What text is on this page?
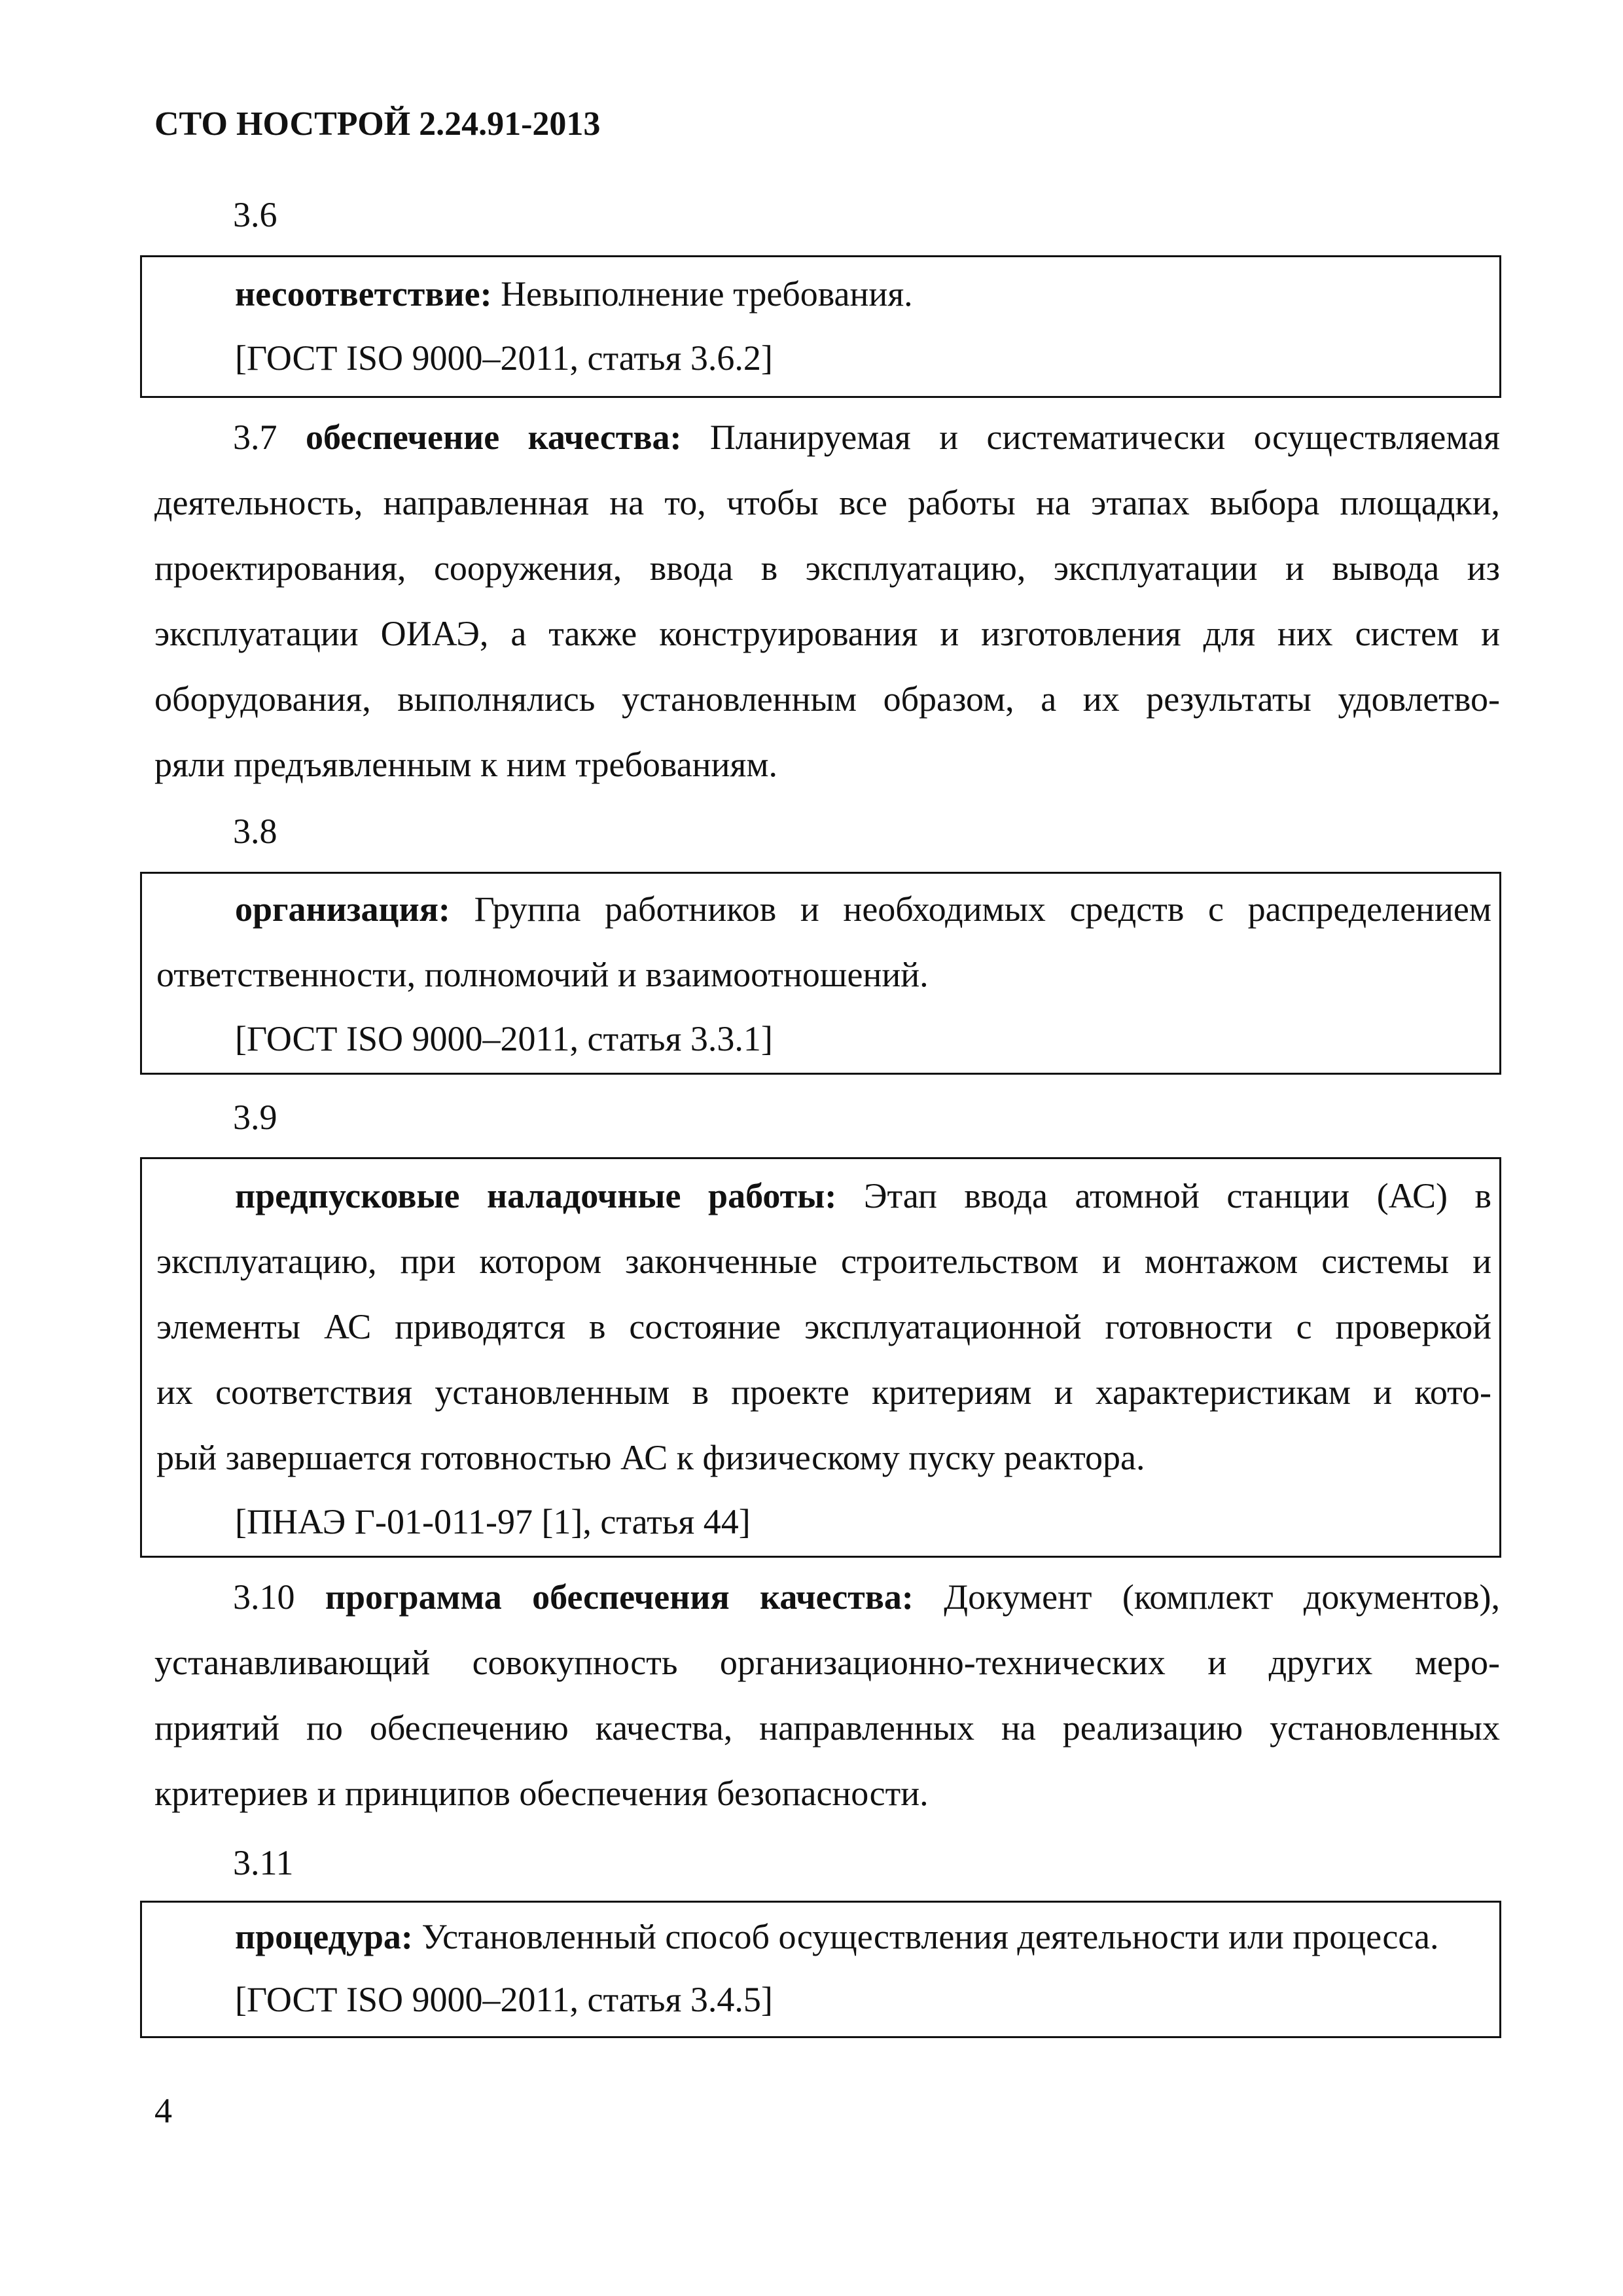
СТО НОСТРОЙ 2.24.91-2013
3.6
несоответствие: Невыполнение требования.
[ГОСТ ISO 9000–2011, статья 3.6.2]
3.7 обеспечение качества: Планируемая и систематически осуществляемая
деятельность, направленная на то, чтобы все работы на этапах выбора площадки,
проектирования, сооружения, ввода в эксплуатацию, эксплуатации и вывода из
эксплуатации ОИАЭ, а также конструирования и изготовления для них систем и
оборудования, выполнялись установленным образом, а их результаты удовлетво-
ряли предъявленным к ним требованиям.
3.8
организация: Группа работников и необходимых средств с распределением
ответственности, полномочий и взаимоотношений.
[ГОСТ ISO 9000–2011, статья 3.3.1]
3.9
предпусковые наладочные работы: Этап ввода атомной станции (АС) в
эксплуатацию, при котором законченные строительством и монтажом системы и
элементы АС приводятся в состояние эксплуатационной готовности с проверкой
их соответствия установленным в проекте критериям и характеристикам и кото-
рый завершается готовностью АС к физическому пуску реактора.
[ПНАЭ Г-01-011-97 [1], статья 44]
3.10 программа обеспечения качества: Документ (комплект документов),
устанавливающий совокупность организационно-технических и других меро-
приятий по обеспечению качества, направленных на реализацию установленных
критериев и принципов обеспечения безопасности.
3.11
процедура: Установленный способ осуществления деятельности или процесса.
[ГОСТ ISO 9000–2011, статья 3.4.5]
4
